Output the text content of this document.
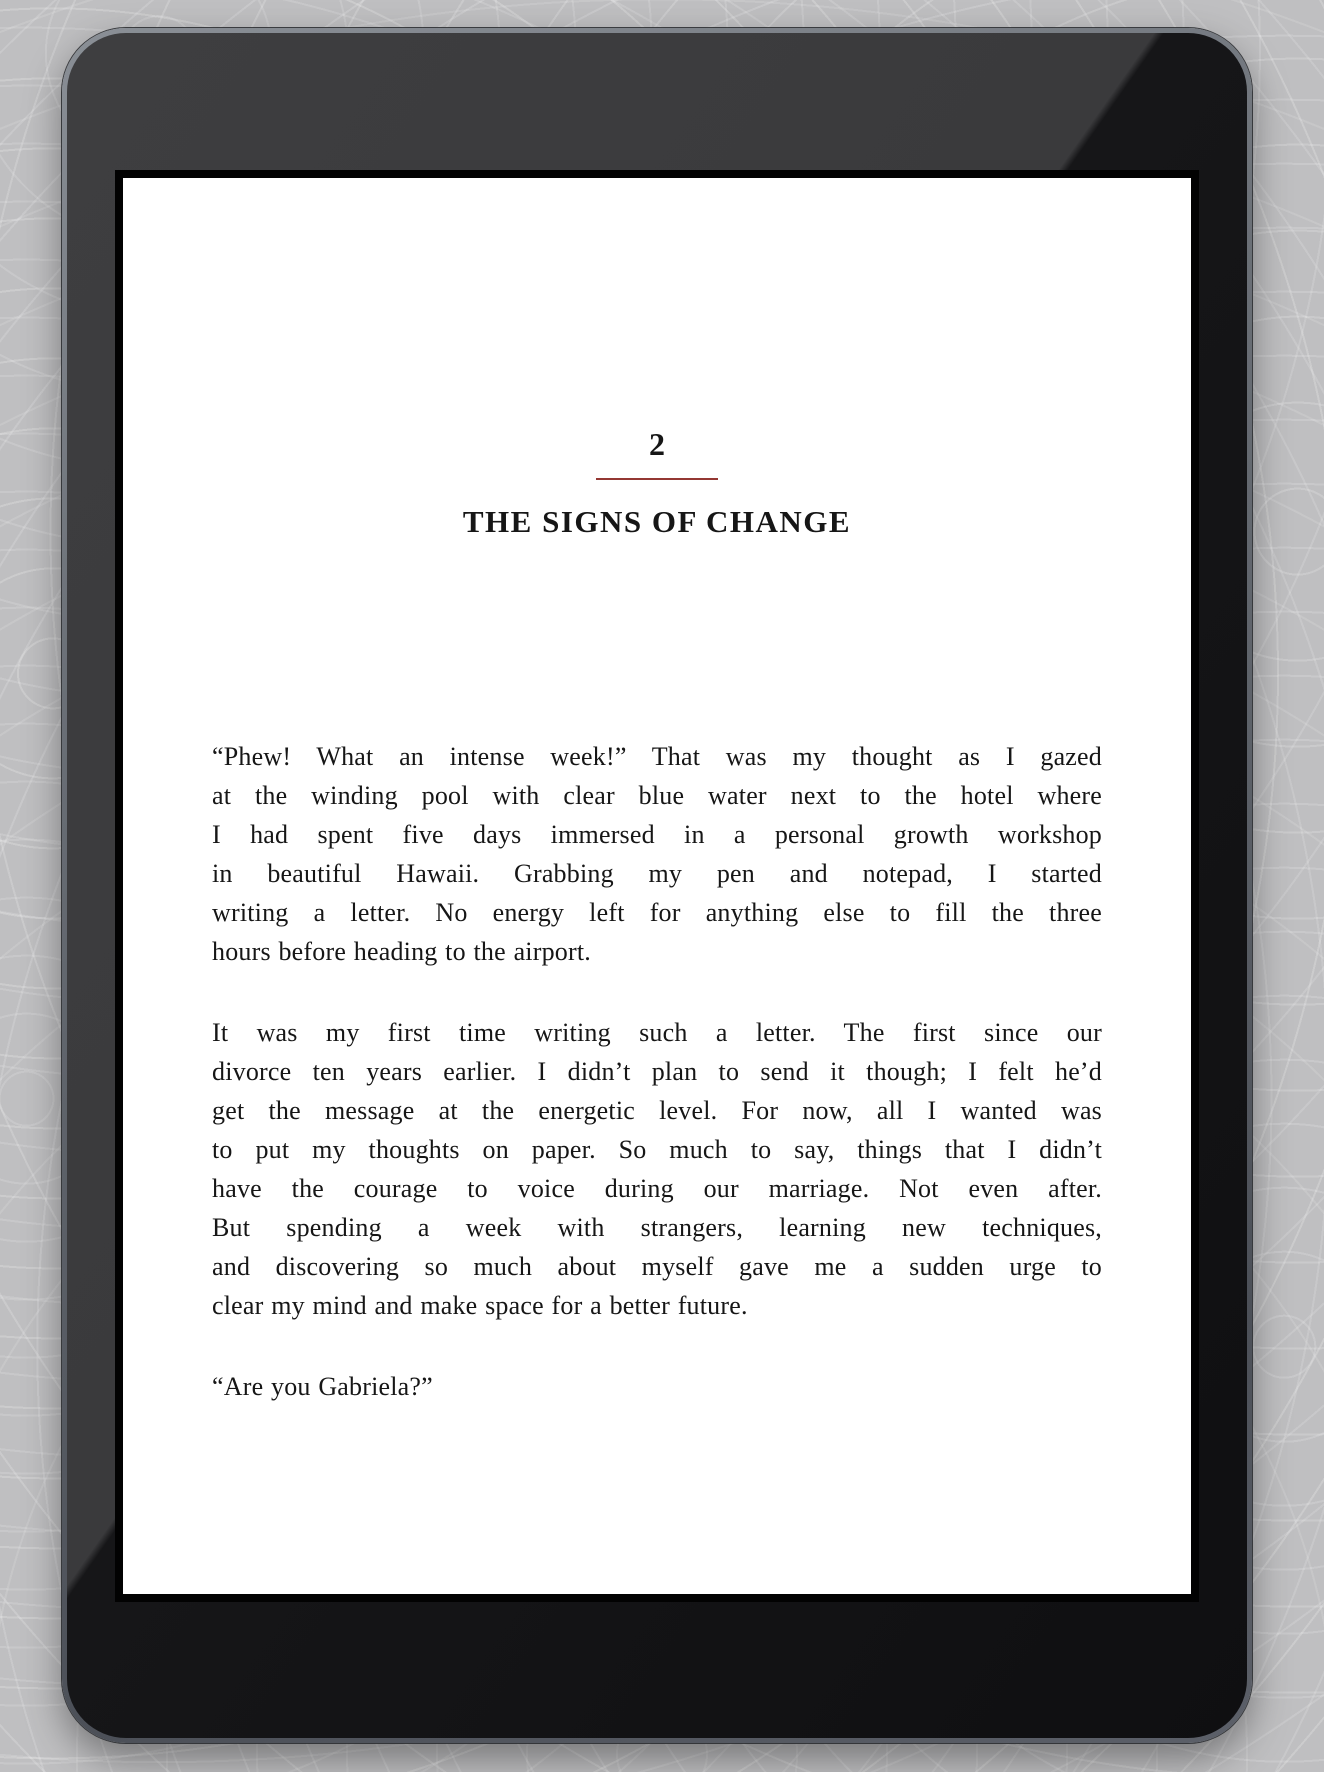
2
THE SIGNS OF CHANGE
“Phew! What an intense week!” That was my thought as I gazed
at the winding pool with clear blue water next to the hotel where
I had spent five days immersed in a personal growth workshop
in beautiful Hawaii. Grabbing my pen and notepad, I started
writing a letter. No energy left for anything else to fill the three
hours before heading to the airport.
It was my first time writing such a letter. The first since our
divorce ten years earlier. I didn’t plan to send it though; I felt he’d
get the message at the energetic level. For now, all I wanted was
to put my thoughts on paper. So much to say, things that I didn’t
have the courage to voice during our marriage. Not even after.
But spending a week with strangers, learning new techniques,
and discovering so much about myself gave me a sudden urge to
clear my mind and make space for a better future.
“Are you Gabriela?”
